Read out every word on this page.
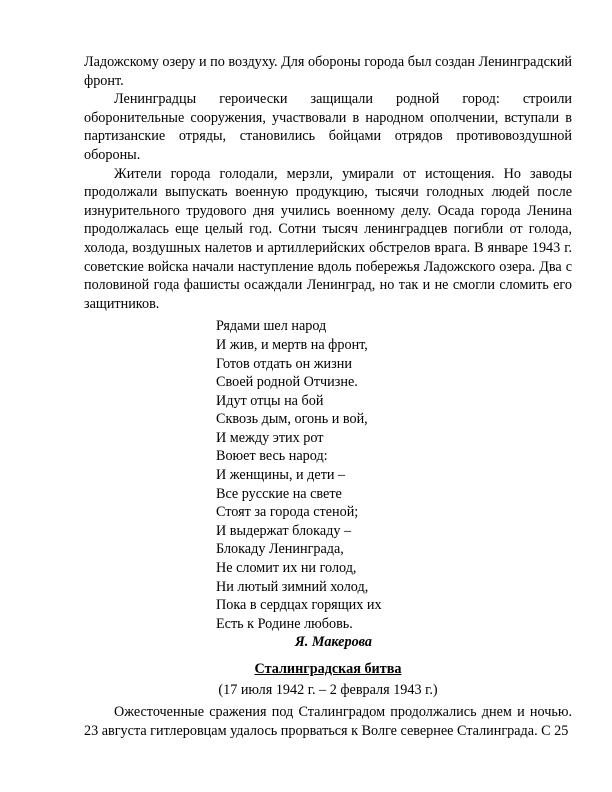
Ладожскому озеру и по воздуху. Для обороны города был создан Ленинградский фронт.

Ленинградцы героически защищали родной город: строили оборонительные сооружения, участвовали в народном ополчении, вступали в партизанские отряды, становились бойцами отрядов противовоздушной обороны.

Жители города голодали, мерзли, умирали от истощения. Но заводы продолжали выпускать военную продукцию, тысячи голодных людей после изнурительного трудового дня учились военному делу. Осада города Ленина продолжалась еще целый год. Сотни тысяч ленинградцев погибли от голода, холода, воздушных налетов и артиллерийских обстрелов врага. В январе 1943 г. советские войска начали наступление вдоль побережья Ладожского озера. Два с половиной года фашисты осаждали Ленинград, но так и не смогли сломить его защитников.

Рядами шел народ
И жив, и мертв на фронт,
Готов отдать он жизни
Своей родной Отчизне.
Идут отцы на бой
Сквозь дым, огонь и вой,
И между этих рот
Воюет весь народ:
И женщины, и дети –
Все русские на свете
Стоят за города стеной;
И выдержат блокаду –
Блокаду Ленинграда,
Не сломит их ни голод,
Ни лютый зимний холод,
Пока в сердцах горящих их
Есть к Родине любовь.

Я. Макерова

Сталинградская битва

(17 июля 1942 г. – 2 февраля 1943 г.)

Ожесточенные сражения под Сталинградом продолжались днем и ночью. 23 августа гитлеровцам удалось прорваться к Волге севернее Сталинграда. С 25
